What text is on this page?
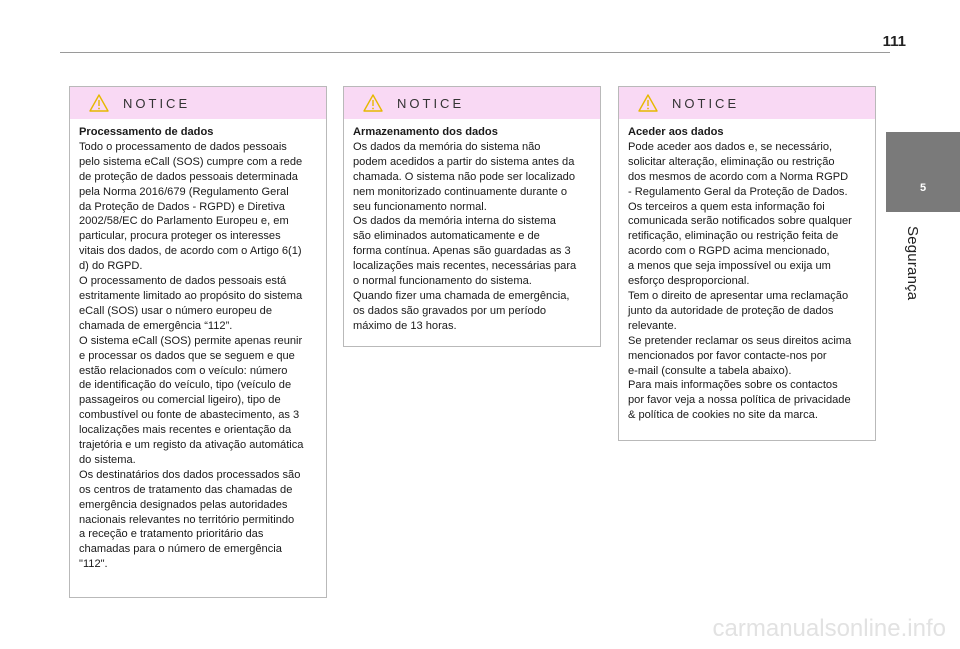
111
5
Segurança
NOTICE
Processamento de dados
Todo o processamento de dados pessoais
pelo sistema eCall (SOS) cumpre com a rede
de proteção de dados pessoais determinada
pela Norma 2016/679 (Regulamento Geral
da Proteção de Dados - RGPD) e Diretiva
2002/58/EC do Parlamento Europeu e, em
particular, procura proteger os interesses
vitais dos dados, de acordo com o Artigo 6(1)
d) do RGPD.
O processamento de dados pessoais está
estritamente limitado ao propósito do sistema
eCall (SOS) usar o número europeu de
chamada de emergência “112”.
O sistema eCall (SOS) permite apenas reunir
e processar os dados que se seguem e que
estão relacionados com o veículo: número
de identificação do veículo, tipo (veículo de
passageiros ou comercial ligeiro), tipo de
combustível ou fonte de abastecimento, as 3
localizações mais recentes e orientação da
trajetória e um registo da ativação automática
do sistema.
Os destinatários dos dados processados são
os centros de tratamento das chamadas de
emergência designados pelas autoridades
nacionais relevantes no território permitindo
a receção e tratamento prioritário das
chamadas para o número de emergência
"112".
NOTICE
Armazenamento dos dados
Os dados da memória do sistema não
podem acedidos a partir do sistema antes da
chamada. O sistema não pode ser localizado
nem monitorizado continuamente durante o
seu funcionamento normal.
Os dados da memória interna do sistema
são eliminados automaticamente e de
forma contínua. Apenas são guardadas as 3
localizações mais recentes, necessárias para
o normal funcionamento do sistema.
Quando fizer uma chamada de emergência,
os dados são gravados por um período
máximo de 13 horas.
NOTICE
Aceder aos dados
Pode aceder aos dados e, se necessário,
solicitar alteração, eliminação ou restrição
dos mesmos de acordo com a Norma RGPD
- Regulamento Geral da Proteção de Dados.
Os terceiros a quem esta informação foi
comunicada serão notificados sobre qualquer
retificação, eliminação ou restrição feita de
acordo com o RGPD acima mencionado,
a menos que seja impossível ou exija um
esforço desproporcional.
Tem o direito de apresentar uma reclamação
junto da autoridade de proteção de dados
relevante.
Se pretender reclamar os seus direitos acima
mencionados por favor contacte-nos por
e-mail (consulte a tabela abaixo).
Para mais informações sobre os contactos
por favor veja a nossa política de privacidade
& política de cookies no site da marca.
carmanualsonline.info
